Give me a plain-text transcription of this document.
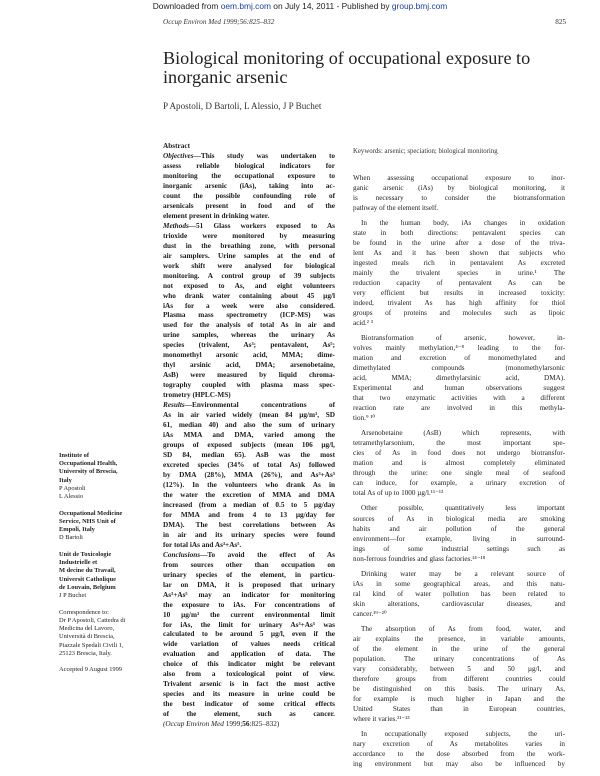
Downloaded from oem.bmj.com on July 14, 2011 - Published by group.bmj.com
Occup Environ Med 1999;56:825–832	825
Biological monitoring of occupational exposure to
inorganic arsenic
P Apostoli, D Bartoli, L Alessio, J P Buchet
Abstract
Objectives—This study was undertaken to
assess reliable biological indicators for
monitoring the occupational exposure to
inorganic arsenic (iAs), taking into ac-
count the possible confounding role of
arsenicals present in food and of the
element present in drinking water.
Methods—51 Glass workers exposed to As
trioxide were monitored by measuring
dust in the breathing zone, with personal
air samplers. Urine samples at the end of
work shift were analysed for biological
monitoring. A control group of 39 subjects
not exposed to As, and eight volunteers
who drank water containing about 45 µg/l
iAs for a week were also considered.
Plasma mass spectrometry (ICP-MS) was
used for the analysis of total As in air and
urine samples, whereas the urinary As
species (trivalent, As³; pentavalent, As⁵;
monomethyl arsonic acid, MMA; dime-
thyl arsinic acid, DMA; arsenobetaine,
AsB) were measured by liquid chroma-
tography coupled with plasma mass spec-
trometry (HPLC-MS)
Results—Environmental concentrations of
As in air varied widely (mean 84 µg/m³, SD
61, median 40) and also the sum of urinary
iAs MMA and DMA, varied among the
groups of exposed subjects (mean 106 µg/l,
SD 84, median 65). AsB was the most
excreted species (34% of total As) followed
by DMA (28%), MMA (26%), and As³+As⁵
(12%). In the volunteers who drank As in
the water the excretion of MMA and DMA
increased (from a median of 0.5 to 5 µg/day
for MMA and from 4 to 13 µg/day for
DMA). The best correlations between As
in air and its urinary species were found
for total iAs and As³+As⁵.
Conclusions—To avoid the effect of As
from sources other than occupation on
urinary species of the element, in particu-
lar on DMA, it is proposed that urinary
As³+As⁵ may an indicator for monitoring
the exposure to iAs. For concentrations of
10 µg/m³ the current environmental limit
for iAs, the limit for urinary As³+As⁵ was
calculated to be around 5 µg/l, even if the
wide variation of values needs critical
evaluation and application of data. The
choice of this indicator might be relevant
also from a toxicological point of view.
Trivalent arsenic is in fact the most active
species and its measure in urine could be
the best indicator of some critical effects
of the element, such as cancer.
(Occup Environ Med 1999;56:825–832)
Keywords: arsenic; speciation; biological monitoring
When assessing occupational exposure to inor-
ganic arsenic (iAs) by biological monitoring, it
is necessary to consider the biotransformation
pathway of the element itself.
In the human body, iAs changes in oxidation
state in both directions: pentavalent species can
be found in the urine after a dose of the triva-
lent As and it has been shown that subjects who
ingested meals rich in pentavalent As excreted
mainly the trivalent species in urine.¹ The
reduction capacity of pentavalent As can be
very efficient but results in increased toxicity:
indeed, trivalent As has high affinity for thiol
groups of proteins and molecules such as lipoic
acid.² ³
Biotransformation of arsenic, however, in-
volves mainly methylation,⁴⁻⁸ leading to the for-
mation and excretion of monomethylated and
dimethylated compounds (monomethylarsonic
acid, MMA; dimethylarsinic acid, DMA).
Experimental and human observations suggest
that two enzymatic activities with a different
reaction rate are involved in this methyla-
tion.⁹ ¹⁰
Arsenobetaine (AsB) which represents, with
tetramethylarsonium, the most important spe-
cies of As in food does not undergo biotransfor-
mation and is almost completely eliminated
through the urine: one single meal of seafood
can induce, for example, a urinary excretion of
total As of up to 1000 µg/l.¹¹⁻¹³
Other possible, quantitatively less important
sources of As in biological media are smoking
habits and air pollution of the general
environment—for example, living in surround-
ings of some industrial settings such as
non-ferrous foundries and glass factories.¹⁴⁻¹⁸
Drinking water may be a relevant source of
iAs in some geographical areas, and this natu-
ral kind of water pollution has been related to
skin alterations, cardiovascular diseases, and
cancer.¹⁹⁻²⁰
The absorption of As from food, water, and
air explains the presence, in variable amounts,
of the element in the urine of the general
population. The urinary concentrations of As
vary considerably, between 5 and 50 µg/l, and
therefore groups from different countries could
be distinguished on this basis. The urinary As,
for example is much higher in Japan and the
United States than in European countries,
where it varies.²¹⁻²³
In occupationally exposed subjects, the uri-
nary excretion of As metabolites varies in
accordance to the dose absorbed from the work-
ing environment but may also be influenced by
Institute of
Occupational Health,
University of Brescia,
Italy
P Apostoli
L Alessio
Occupational Medicine
Service, NHS Unit of
Empoli, Italy
D Bartoli
Unit de Toxicologie
Industrielle et
M decine du Travail,
Universit Catholique
de Louvain, Belgium
J P Buchet
Correspondence to:
Dr P Apostoli, Cattedra di
Medicina del Lavoro,
Università di Brescia,
Piazzale Spedali Civili 1,
25123 Brescia, Italy.
Accepted 9 August 1999
